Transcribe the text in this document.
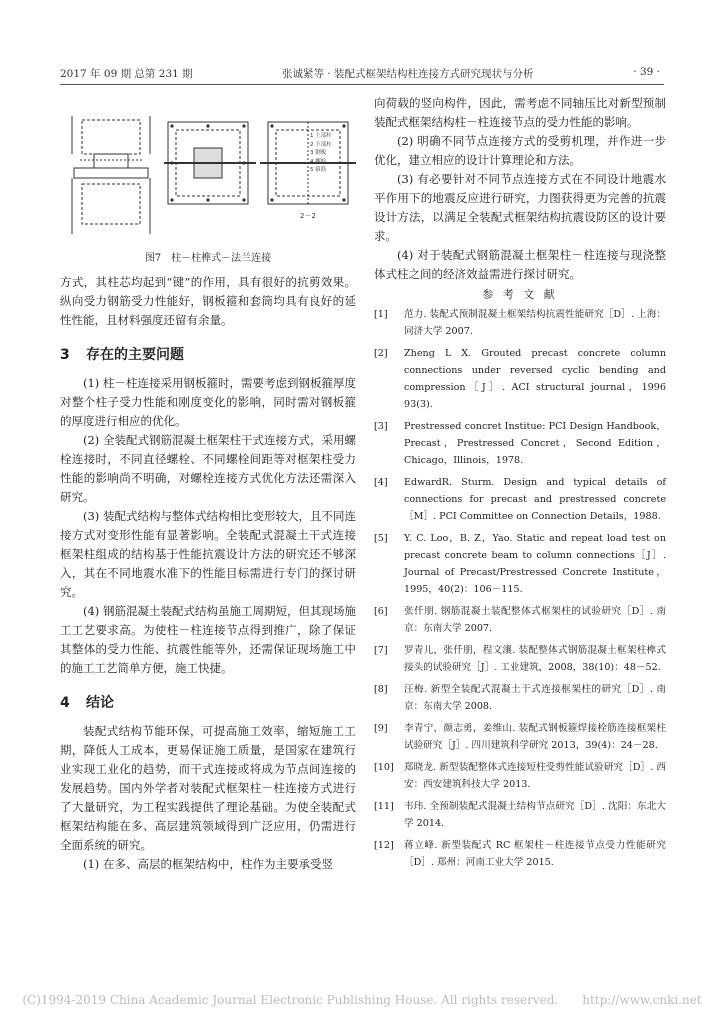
2017 年 09 期 总第 231 期	张诚紧等 · 装配式框架结构柱连接方式研究现状与分析	· 39 ·
2－2
1 上部柱
2 下部柱
3 钢板
4 螺栓
5 箍筋
图7　柱－柱榫式－法兰连接

方式，其柱芯均起到“键”的作用，具有很好的抗剪效果。纵向受力钢筋受力性能好，钢板箍和套筒均具有良好的延性性能，且材料强度还留有余量。

3 存在的主要问题

(1) 柱－柱连接采用钢板箍时，需要考虑到钢板箍厚度对整个柱子受力性能和刚度变化的影响，同时需对钢板箍的厚度进行相应的优化。

(2) 全装配式钢筋混凝土框架柱干式连接方式，采用螺栓连接时，不同直径螺栓、不同螺栓间距等对框架柱受力性能的影响尚不明确，对螺栓连接方式优化方法还需深入研究。

(3) 装配式结构与整体式结构相比变形较大，且不同连接方式对变形性能有显著影响。全装配式混凝土干式连接框架柱组成的结构基于性能抗震设计方法的研究还不够深入，其在不同地震水准下的性能目标需进行专门的探讨研究。

(4) 钢筋混凝土装配式结构虽施工周期短，但其现场施工工艺要求高。为使柱－柱连接节点得到推广，除了保证其整体的受力性能、抗震性能等外，还需保证现场施工中的施工工艺简单方便，施工快捷。

4 结论

装配式结构节能环保，可提高施工效率，缩短施工工期，降低人工成本，更易保证施工质量，是国家在建筑行业实现工业化的趋势，而干式连接或将成为节点间连接的发展趋势。国内外学者对装配式框架柱－柱连接方式进行了大量研究，为工程实践提供了理论基础。为使全装配式框架结构能在多、高层建筑领域得到广泛应用，仍需进行全面系统的研究。

(1) 在多、高层的框架结构中，柱作为主要承受竖

向荷载的竖向构件，因此，需考虑不同轴压比对新型预制装配式框架结构柱－柱连接节点的受力性能的影响。

(2) 明确不同节点连接方式的受剪机理，并作进一步优化，建立相应的设计计算理论和方法。

(3) 有必要针对不同节点连接方式在不同设计地震水平作用下的地震反应进行研究，力图获得更为完善的抗震设计方法，以满足全装配式框架结构抗震设防区的设计要求。

(4) 对于装配式钢筋混凝土框架柱－柱连接与现浇整体式柱之间的经济效益需进行探讨研究。

参 考 文 献
[1] 范力. 装配式预制混凝土框架结构抗震性能研究［D］. 上海：同济大学 2007.
[2] Zheng L X. Grouted precast concrete column connections under reversed cyclic bending and compression［J］. ACI structural journal，1996 93(3).
[3] Prestressed concret Institue: PCI Design Handbook，Precast，Prestressed Concret，Second Edition，Chicago，Illinois，1978.
[4] EdwardR. Sturm. Design and typical details of connections for precast and prestressed concrete［M］. PCI Committee on Connection Details，1988.
[5] Y. C. Loo，B. Z，Yao. Static and repeat load test on precast concrete beam to column connections［J］. Journal of Precast/Prestressed Concrete Institute，1995，40(2)：106－115.
[6] 张仟朋. 钢筋混凝土装配整体式框架柱的试验研究［D］. 南京：东南大学 2007.
[7] 罗青儿，张仟朋，程文瀼. 装配整体式钢筋混凝土框架柱榫式接头的试验研究［J］. 工业建筑，2008，38(10)：48－52.
[8] 汪梅. 新型全装配式混凝土干式连接框架柱的研究［D］. 南京：东南大学 2008.
[9] 李青宁，颜志勇，姜维山. 装配式钢板箍焊接栓筋连接框架柱试验研究［J］. 四川建筑科学研究 2013，39(4)：24－28.
[10] 郑晓龙. 新型装配整体式连接短柱受剪性能试验研究［D］. 西安：西安建筑科技大学 2013.
[11] 韦玮. 全预制装配式混凝土结构节点研究［D］. 沈阳：东北大学 2014.
[12] 蒋立峰. 新型装配式 RC 框架柱－柱连接节点受力性能研究［D］. 郑州：河南工业大学 2015.
(C)1994-2019 China Academic Journal Electronic Publishing House. All rights reserved.　　http://www.cnki.net
